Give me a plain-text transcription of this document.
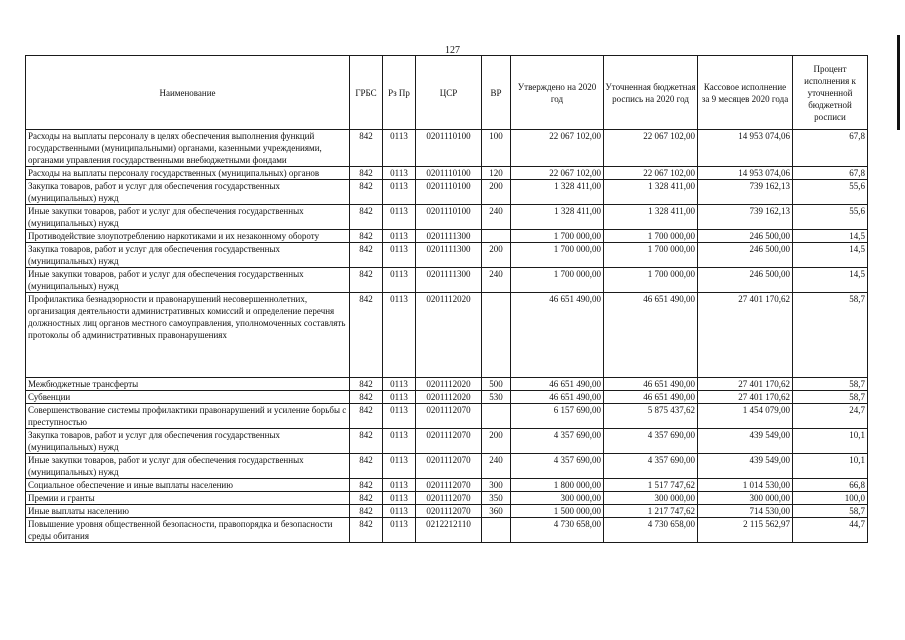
127
Наименование	ГРБС	Рз Пр	ЦСР	ВР	Утверждено на 2020 год	Уточненная бюджетная роспись на 2020 год	Кассовое исполнение за 9 месяцев 2020 года	Процент исполнения к уточненной бюджетной росписи
Расходы на выплаты персоналу в целях обеспечения выполнения функций государственными (муниципальными) органами, казенными учреждениями, органами управления государственными внебюджетными фондами	842	0113	0201110100	100	22 067 102,00	22 067 102,00	14 953 074,06	67,8
Расходы на выплаты персоналу государственных (муниципальных) органов	842	0113	0201110100	120	22 067 102,00	22 067 102,00	14 953 074,06	67,8
Закупка товаров, работ и услуг для обеспечения государственных (муниципальных) нужд	842	0113	0201110100	200	1 328 411,00	1 328 411,00	739 162,13	55,6
Иные закупки товаров, работ и услуг для обеспечения государственных (муниципальных) нужд	842	0113	0201110100	240	1 328 411,00	1 328 411,00	739 162,13	55,6
Противодействие злоупотреблению наркотиками и их незаконному обороту	842	0113	0201111300		1 700 000,00	1 700 000,00	246 500,00	14,5
Закупка товаров, работ и услуг для обеспечения государственных (муниципальных) нужд	842	0113	0201111300	200	1 700 000,00	1 700 000,00	246 500,00	14,5
Иные закупки товаров, работ и услуг для обеспечения государственных (муниципальных) нужд	842	0113	0201111300	240	1 700 000,00	1 700 000,00	246 500,00	14,5
Профилактика безнадзорности и правонарушений несовершеннолетних, организация деятельности административных комиссий и определение перечня должностных лиц органов местного самоуправления, уполномоченных составлять протоколы об административных правонарушениях	842	0113	0201112020		46 651 490,00	46 651 490,00	27 401 170,62	58,7
Межбюджетные трансферты	842	0113	0201112020	500	46 651 490,00	46 651 490,00	27 401 170,62	58,7
Субвенции	842	0113	0201112020	530	46 651 490,00	46 651 490,00	27 401 170,62	58,7
Совершенствование системы профилактики правонарушений и усиление борьбы с преступностью	842	0113	0201112070		6 157 690,00	5 875 437,62	1 454 079,00	24,7
Закупка товаров, работ и услуг для обеспечения государственных (муниципальных) нужд	842	0113	0201112070	200	4 357 690,00	4 357 690,00	439 549,00	10,1
Иные закупки товаров, работ и услуг для обеспечения государственных (муниципальных) нужд	842	0113	0201112070	240	4 357 690,00	4 357 690,00	439 549,00	10,1
Социальное обеспечение и иные выплаты населению	842	0113	0201112070	300	1 800 000,00	1 517 747,62	1 014 530,00	66,8
Премии и гранты	842	0113	0201112070	350	300 000,00	300 000,00	300 000,00	100,0
Иные выплаты населению	842	0113	0201112070	360	1 500 000,00	1 217 747,62	714 530,00	58,7
Повышение уровня общественной безопасности, правопорядка и безопасности среды обитания	842	0113	0212212110		4 730 658,00	4 730 658,00	2 115 562,97	44,7
